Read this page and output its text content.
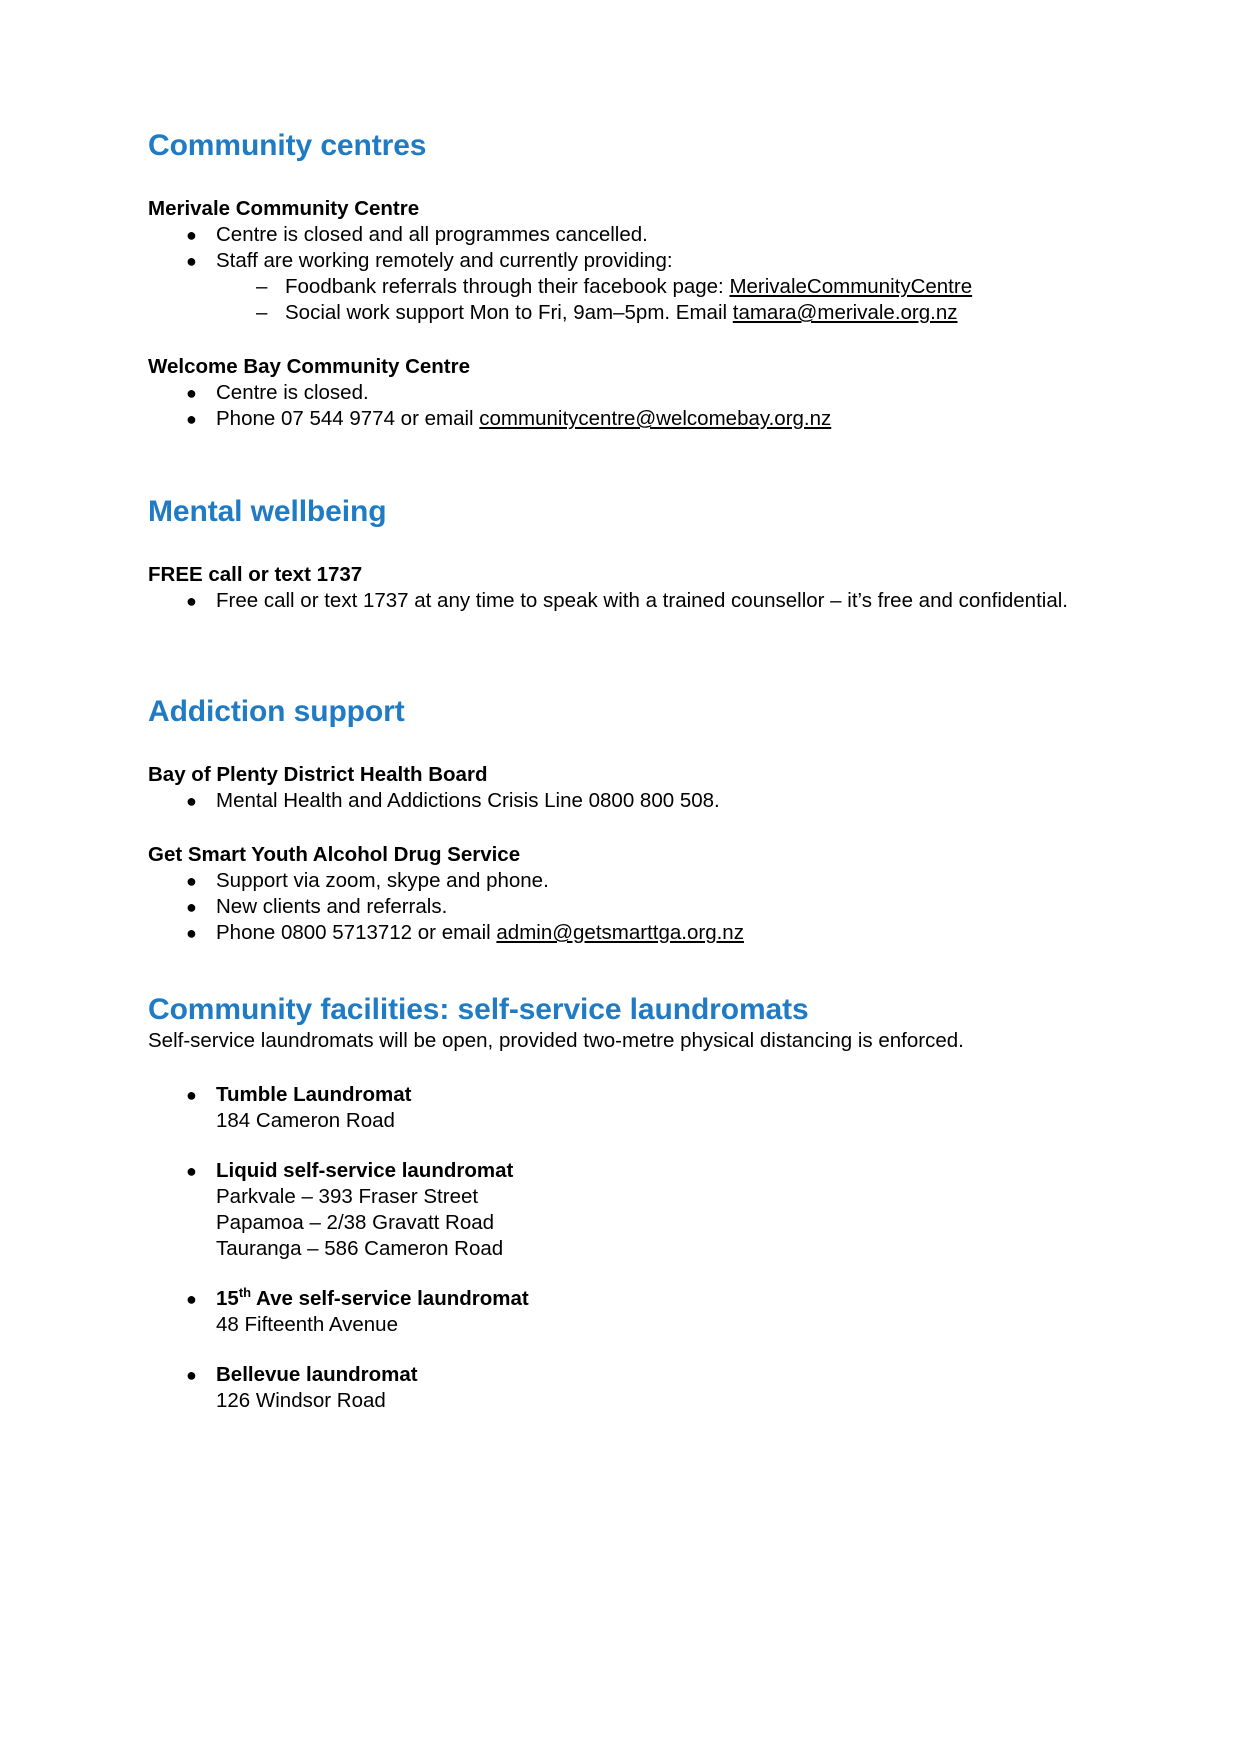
Community centres
Merivale Community Centre
● Centre is closed and all programmes cancelled.
● Staff are working remotely and currently providing:
– Foodbank referrals through their facebook page: MerivaleCommunityCentre
– Social work support Mon to Fri, 9am–5pm. Email tamara@merivale.org.nz
Welcome Bay Community Centre
● Centre is closed.
● Phone 07 544 9774 or email communitycentre@welcomebay.org.nz
Mental wellbeing
FREE call or text 1737
● Free call or text 1737 at any time to speak with a trained counsellor – it’s free and confidential.
Addiction support
Bay of Plenty District Health Board
● Mental Health and Addictions Crisis Line 0800 800 508.
Get Smart Youth Alcohol Drug Service
● Support via zoom, skype and phone.
● New clients and referrals.
● Phone 0800 5713712 or email admin@getsmarttga.org.nz
Community facilities: self-service laundromats
Self-service laundromats will be open, provided two-metre physical distancing is enforced.
● Tumble Laundromat
184 Cameron Road
● Liquid self-service laundromat
Parkvale – 393 Fraser Street
Papamoa – 2/38 Gravatt Road
Tauranga – 586 Cameron Road
● 15th Ave self-service laundromat
48 Fifteenth Avenue
● Bellevue laundromat
126 Windsor Road
